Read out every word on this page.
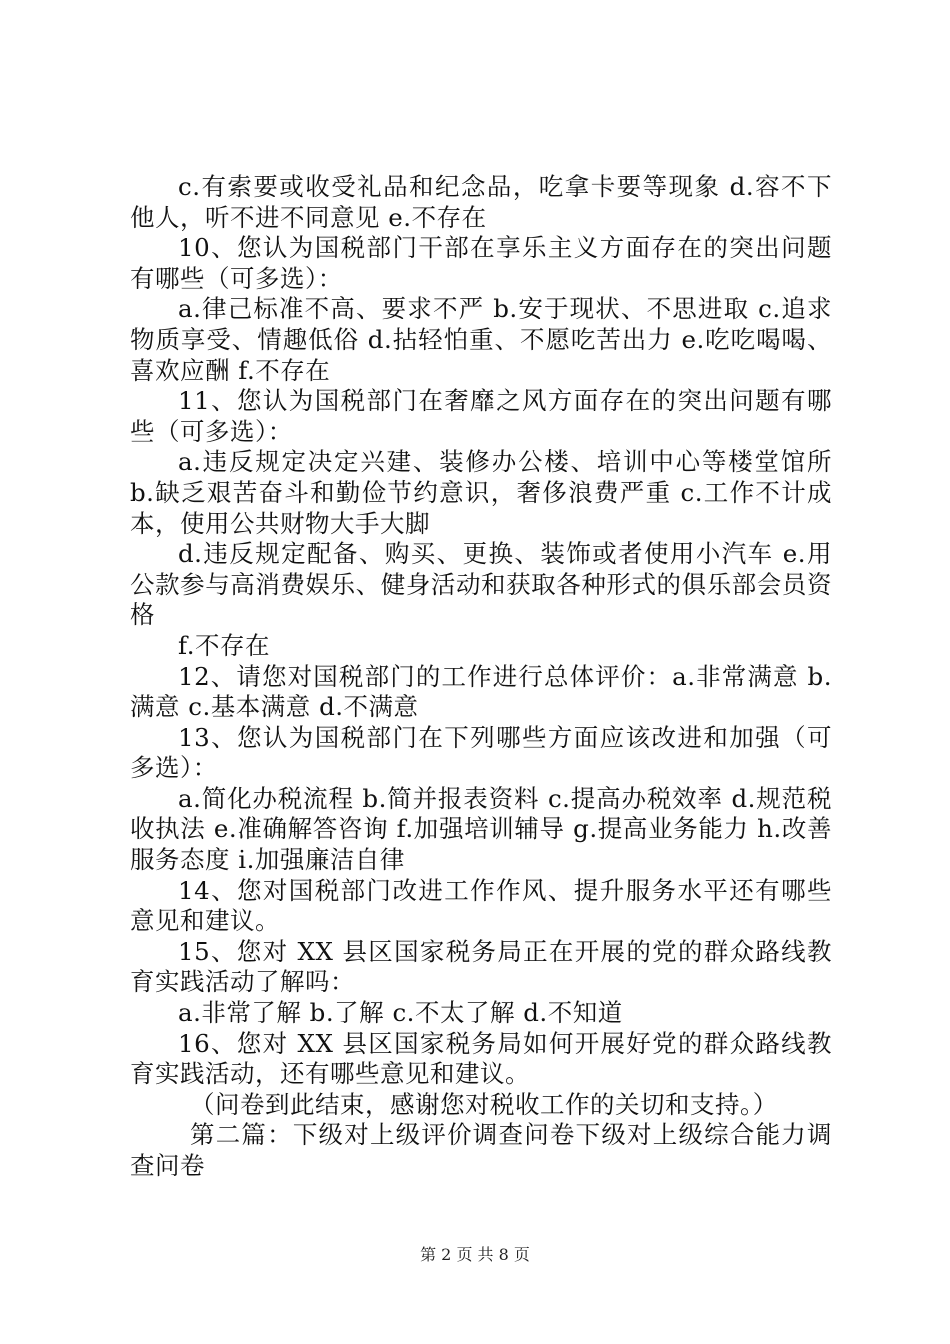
c.有索要或收受礼品和纪念品，吃拿卡要等现象 d.容不下他人，听不进不同意见 e.不存在

10、您认为国税部门干部在享乐主义方面存在的突出问题有哪些（可多选）：

a.律己标准不高、要求不严 b.安于现状、不思进取 c.追求物质享受、情趣低俗 d.拈轻怕重、不愿吃苦出力 e.吃吃喝喝、喜欢应酬 f.不存在

11、您认为国税部门在奢靡之风方面存在的突出问题有哪些（可多选）：

a.违反规定决定兴建、装修办公楼、培训中心等楼堂馆所 b.缺乏艰苦奋斗和勤俭节约意识，奢侈浪费严重 c.工作不计成本，使用公共财物大手大脚

d.违反规定配备、购买、更换、装饰或者使用小汽车 e.用公款参与高消费娱乐、健身活动和获取各种形式的俱乐部会员资格

f.不存在

12、请您对国税部门的工作进行总体评价：a.非常满意 b.满意 c.基本满意 d.不满意

13、您认为国税部门在下列哪些方面应该改进和加强（可多选）：

a.简化办税流程 b.简并报表资料 c.提高办税效率 d.规范税收执法 e.准确解答咨询 f.加强培训辅导 g.提高业务能力 h.改善服务态度 i.加强廉洁自律

14、您对国税部门改进工作作风、提升服务水平还有哪些意见和建议。

15、您对 XX 县区国家税务局正在开展的党的群众路线教育实践活动了解吗：

a.非常了解 b.了解 c.不太了解 d.不知道

16、您对 XX 县区国家税务局如何开展好党的群众路线教育实践活动，还有哪些意见和建议。

（问卷到此结束，感谢您对税收工作的关切和支持。）

第二篇：下级对上级评价调查问卷下级对上级综合能力调查问卷

第 2 页 共 8 页
